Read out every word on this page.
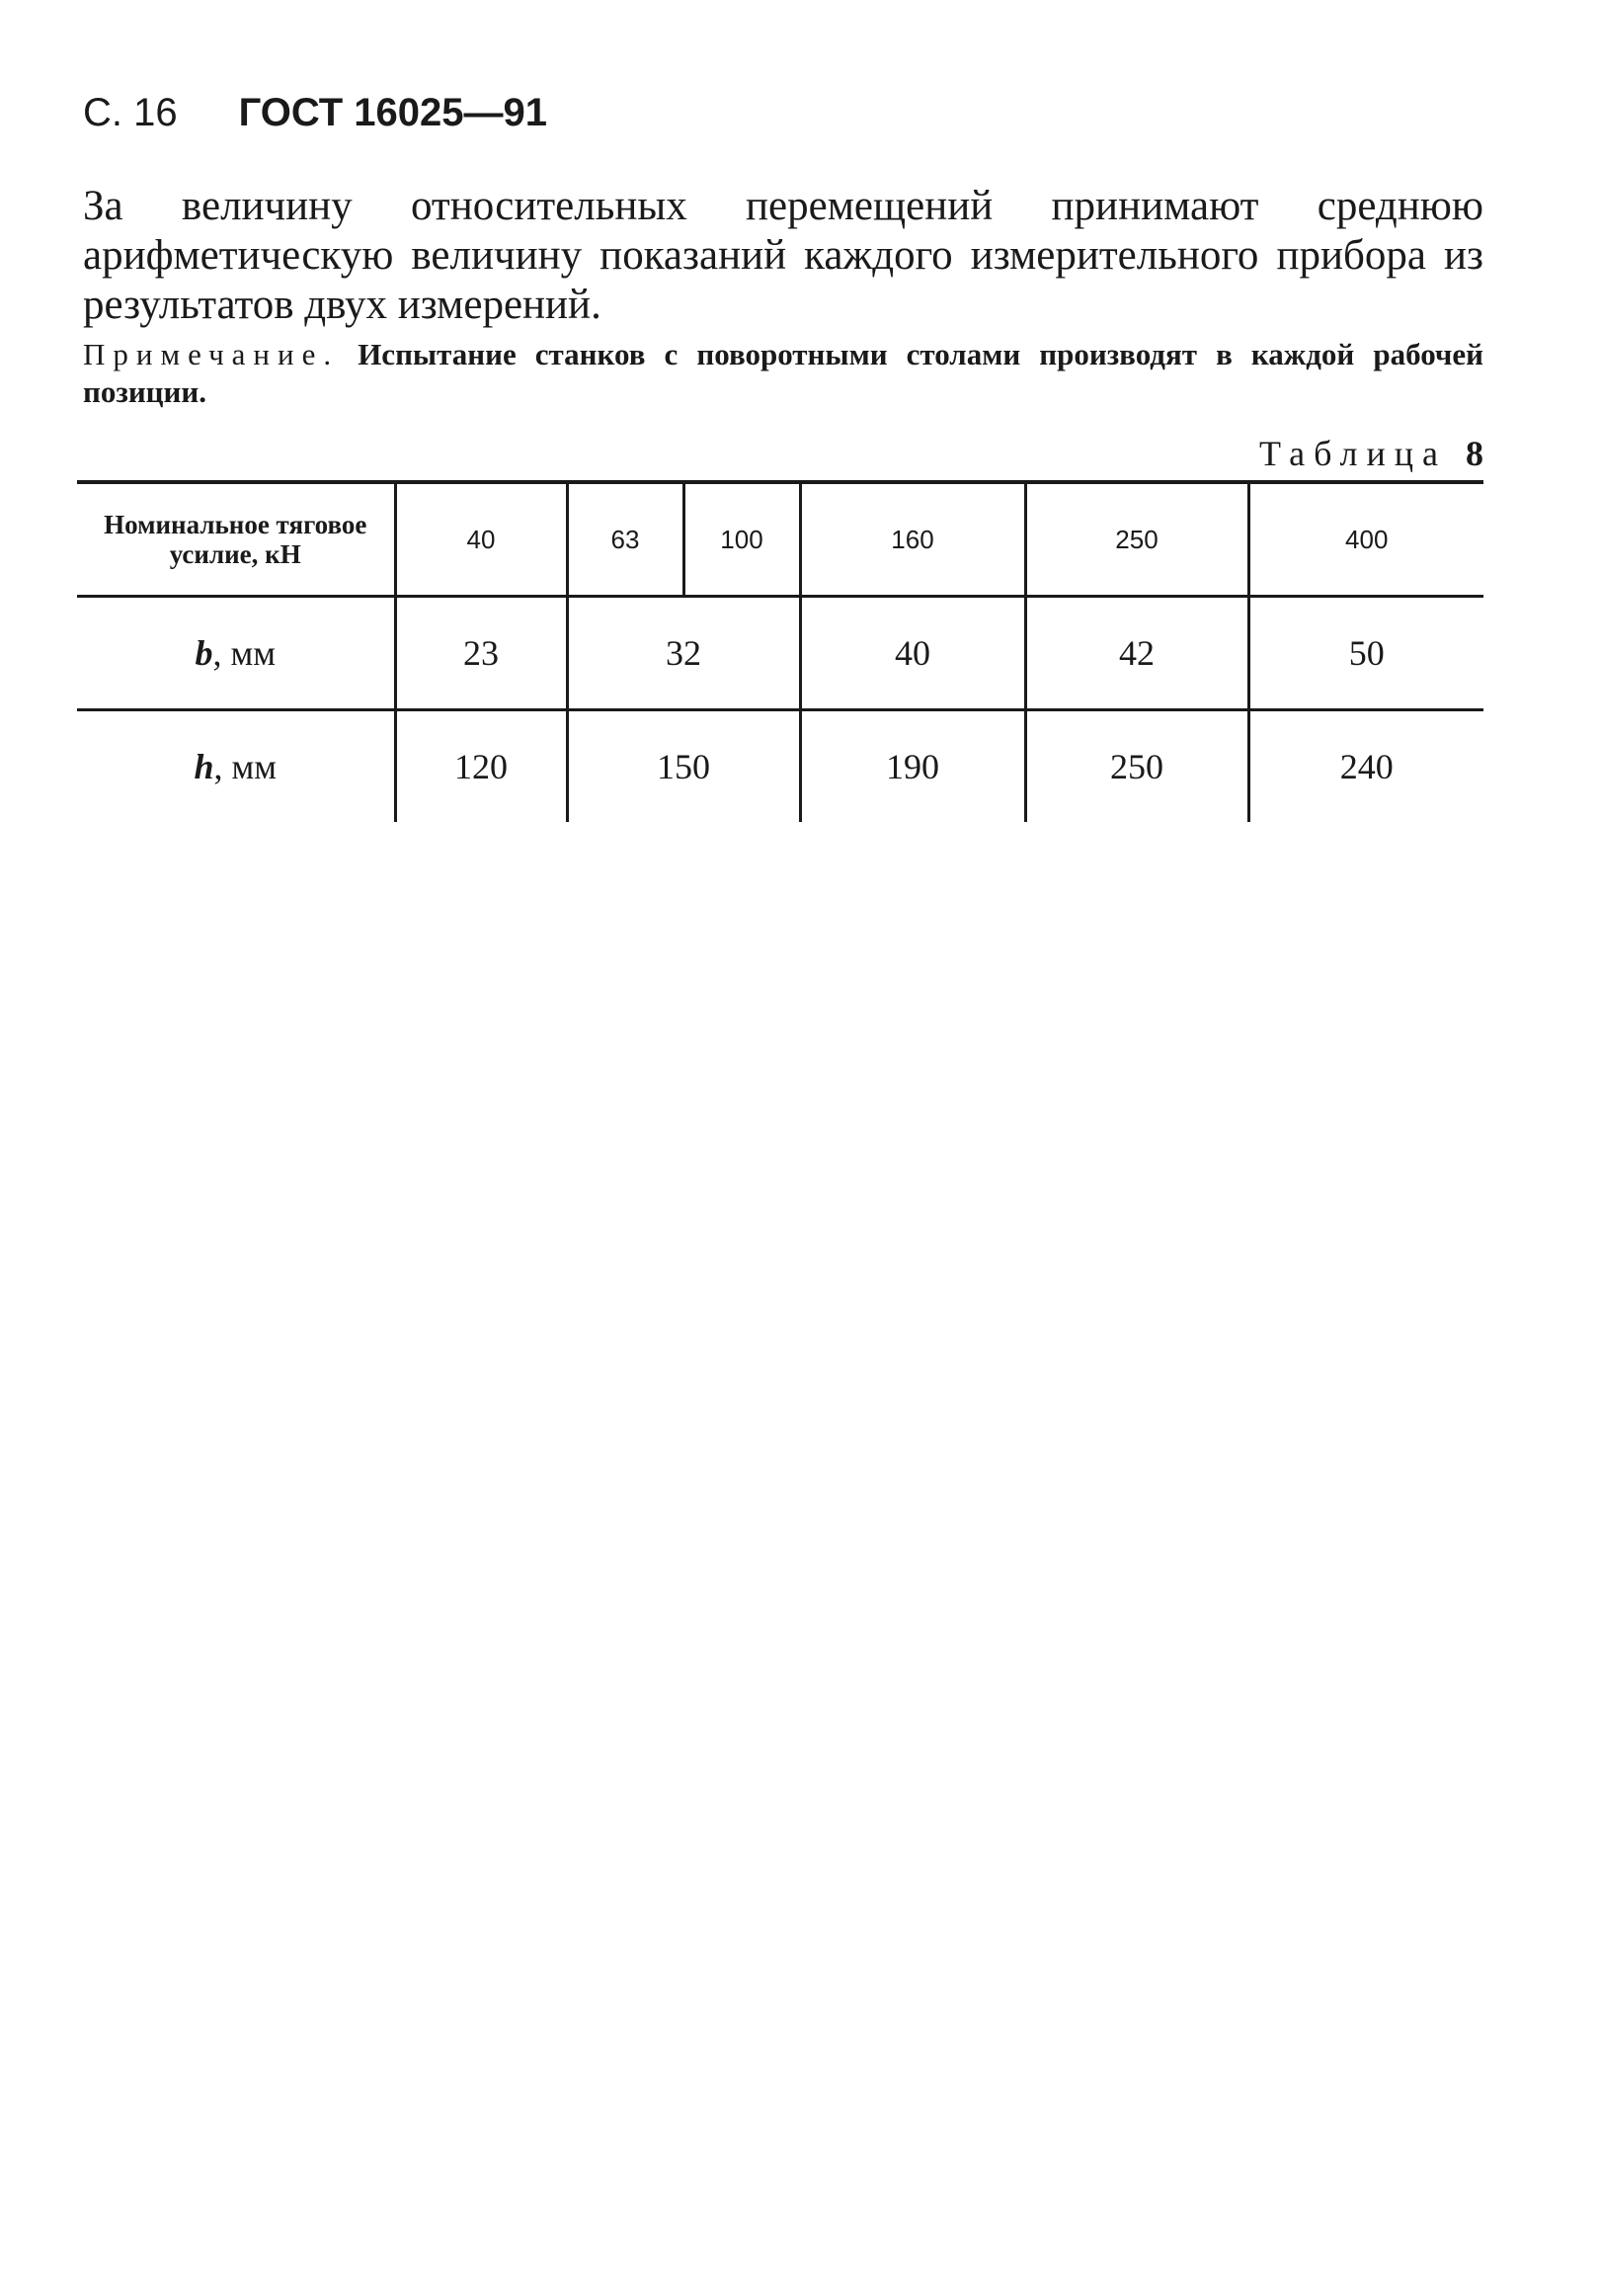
С. 16 ГОСТ 16025—91
За величину относительных перемещений принимают среднюю арифметическую величину показаний каждого измерительного прибора из результатов двух измерений.
Примечание. Испытание станков с поворотными столами производят в каждой рабочей позиции.
Таблица 8
Номинальное тяговое усилие, кН	40	63	100	160	250	400
b, мм	23	32		40	42	50
h, мм	120	150		190	250	240
